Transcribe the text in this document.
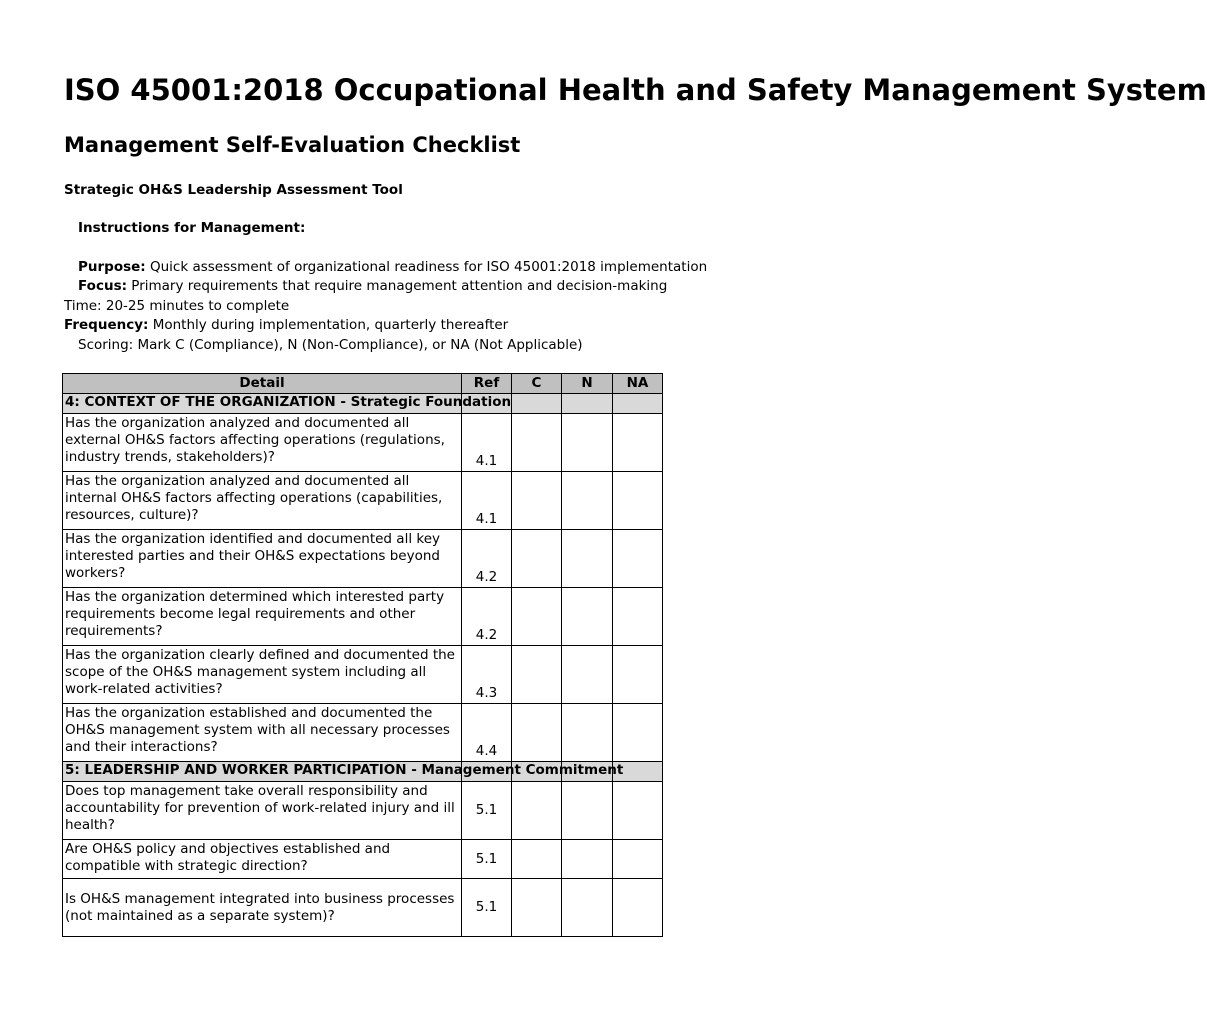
ISO 45001:2018 Occupational Health and Safety Management System
Management Self-Evaluation Checklist
Strategic OH&S Leadership Assessment Tool
Instructions for Management:
Purpose: Quick assessment of organizational readiness for ISO 45001:2018 implementation
Focus: Primary requirements that require management attention and decision-making
Time: 20-25 minutes to complete
Frequency: Monthly during implementation, quarterly thereafter
Scoring: Mark C (Compliance), N (Non-Compliance), or NA (Not Applicable)
Detail	Ref	C	N	NA

4: CONTEXT OF THE ORGANIZATION - Strategic Foundation				

Has the organization analyzed and documented all external OH&S factors affecting operations (regulations, industry trends, stakeholders)?	4.1			
Has the organization analyzed and documented all internal OH&S factors affecting operations (capabilities, resources, culture)?	4.1			
Has the organization identified and documented all key interested parties and their OH&S expectations beyond workers?	4.2			
Has the organization determined which interested party requirements become legal requirements and other requirements?	4.2			
Has the organization clearly defined and documented the scope of the OH&S management system including all work-related activities?	4.3			
Has the organization established and documented the OH&S management system with all necessary processes and their interactions?	4.4			

5: LEADERSHIP AND WORKER PARTICIPATION - Management Commitment				

Does top management take overall responsibility and accountability for prevention of work-related injury and ill health?	5.1			
Are OH&S policy and objectives established and compatible with strategic direction?	5.1			
Is OH&S management integrated into business processes (not maintained as a separate system)?	5.1			
